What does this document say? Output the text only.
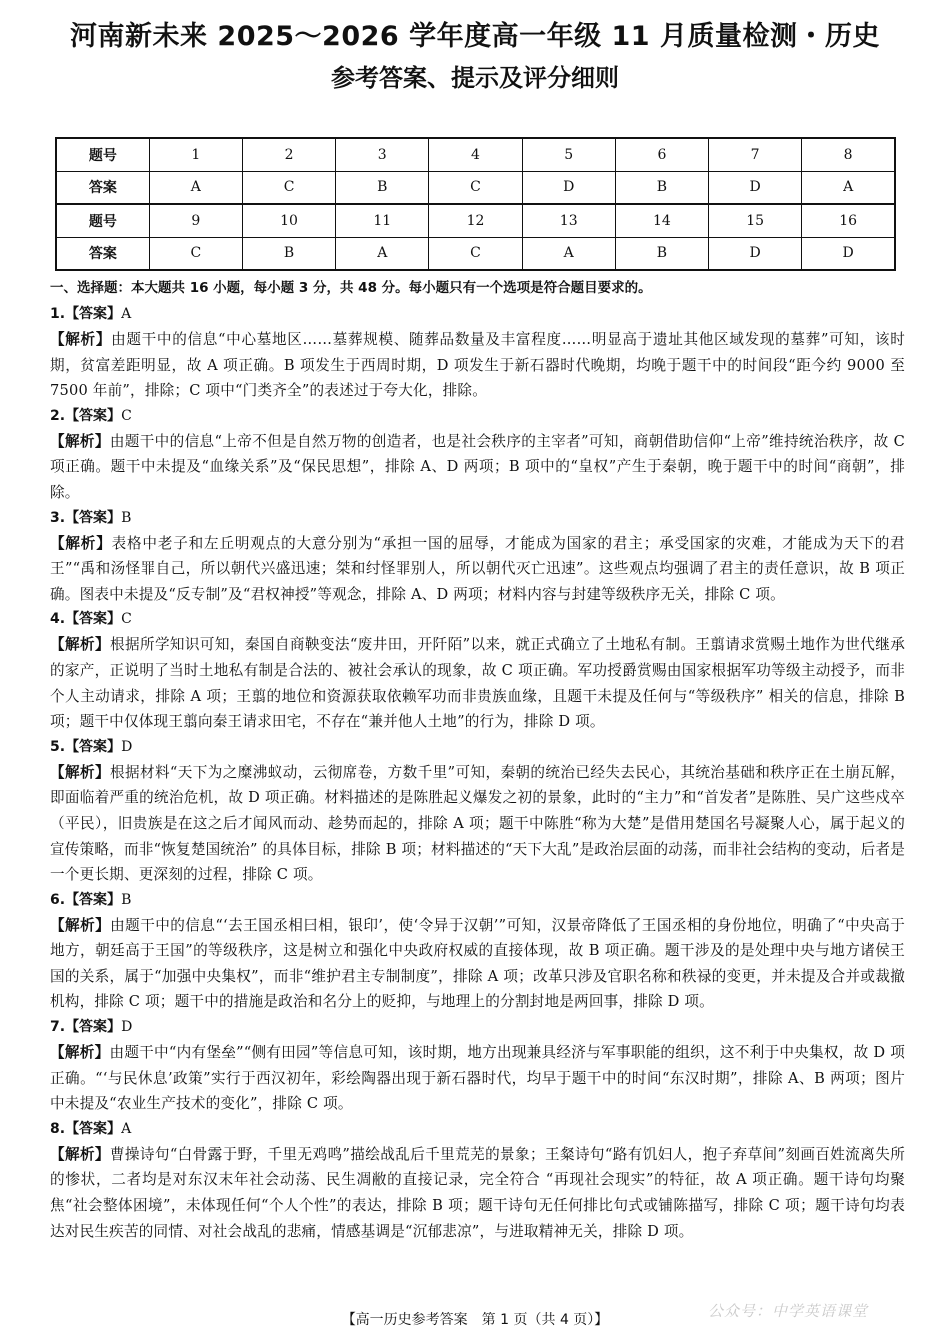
河南新未来 2025～2026 学年度高一年级 11 月质量检测・历史
参考答案、提示及评分细则
题号	1	2	3	4	5	6	7	8
答案	A	C	B	C	D	B	D	A
题号	9	10	11	12	13	14	15	16
答案	C	B	A	C	A	B	D	D
一、选择题：本大题共 16 小题，每小题 3 分，共 48 分。每小题只有一个选项是符合题目要求的。
1.【答案】A
【解析】由题干中的信息“中心墓地区……墓葬规模、随葬品数量及丰富程度……明显高于遗址其他区域发现的墓葬”可知，该时期，贫富差距明显，故 A 项正确。B 项发生于西周时期，D 项发生于新石器时代晚期，均晚于题干中的时间段“距今约 9000 至 7500 年前”，排除；C 项中“门类齐全”的表述过于夸大化，排除。
2.【答案】C
【解析】由题干中的信息“上帝不但是自然万物的创造者，也是社会秩序的主宰者”可知，商朝借助信仰“上帝”维持统治秩序，故 C 项正确。题干中未提及“血缘关系”及“保民思想”，排除 A、D 两项；B 项中的“皇权”产生于秦朝，晚于题干中的时间“商朝”，排除。
3.【答案】B
【解析】表格中老子和左丘明观点的大意分别为“承担一国的屈辱，才能成为国家的君主；承受国家的灾难，才能成为天下的君王”“禹和汤怪罪自己，所以朝代兴盛迅速；桀和纣怪罪别人，所以朝代灭亡迅速”。这些观点均强调了君主的责任意识，故 B 项正确。图表中未提及“反专制”及“君权神授”等观念，排除 A、D 两项；材料内容与封建等级秩序无关，排除 C 项。
4.【答案】C
【解析】根据所学知识可知，秦国自商鞅变法“废井田，开阡陌”以来，就正式确立了土地私有制。王翦请求赏赐土地作为世代继承的家产，正说明了当时土地私有制是合法的、被社会承认的现象，故 C 项正确。军功授爵赏赐由国家根据军功等级主动授予，而非个人主动请求，排除 A 项；王翦的地位和资源获取依赖军功而非贵族血缘，且题干未提及任何与“等级秩序” 相关的信息，排除 B 项；题干中仅体现王翦向秦王请求田宅，不存在“兼并他人土地”的行为，排除 D 项。
5.【答案】D
【解析】根据材料“天下为之糜沸蚁动，云彻席卷，方数千里”可知，秦朝的统治已经失去民心，其统治基础和秩序正在土崩瓦解，即面临着严重的统治危机，故 D 项正确。材料描述的是陈胜起义爆发之初的景象，此时的“主力”和“首发者”是陈胜、吴广这些戍卒（平民），旧贵族是在这之后才闻风而动、趁势而起的，排除 A 项；题干中陈胜“称为大楚”是借用楚国名号凝聚人心，属于起义的宣传策略，而非“恢复楚国统治” 的具体目标，排除 B 项；材料描述的“天下大乱”是政治层面的动荡，而非社会结构的变动，后者是一个更长期、更深刻的过程，排除 C 项。
6.【答案】B
【解析】由题干中的信息“‘去王国丞相曰相，银印’，使‘令异于汉朝’”可知，汉景帝降低了王国丞相的身份地位，明确了“中央高于地方，朝廷高于王国”的等级秩序，这是树立和强化中央政府权威的直接体现，故 B 项正确。题干涉及的是处理中央与地方诸侯王国的关系，属于“加强中央集权”，而非“维护君主专制制度”，排除 A 项；改革只涉及官职名称和秩禄的变更，并未提及合并或裁撤机构，排除 C 项；题干中的措施是政治和名分上的贬抑，与地理上的分割封地是两回事，排除 D 项。
7.【答案】D
【解析】由题干中“内有堡垒”“侧有田园”等信息可知，该时期，地方出现兼具经济与军事职能的组织，这不利于中央集权，故 D 项正确。“‘与民休息’政策”实行于西汉初年，彩绘陶器出现于新石器时代，均早于题干中的时间“东汉时期”，排除 A、B 两项；图片中未提及“农业生产技术的变化”，排除 C 项。
8.【答案】A
【解析】曹操诗句“白骨露于野，千里无鸡鸣”描绘战乱后千里荒芜的景象；王粲诗句“路有饥妇人，抱子弃草间”刻画百姓流离失所的惨状，二者均是对东汉末年社会动荡、民生凋敝的直接记录，完全符合 “再现社会现实”的特征，故 A 项正确。题干诗句均聚焦“社会整体困境”，未体现任何“个人个性”的表达，排除 B 项；题干诗句无任何排比句式或铺陈描写，排除 C 项；题干诗句均表达对民生疾苦的同情、对社会战乱的悲痛，情感基调是“沉郁悲凉”，与进取精神无关，排除 D 项。
【高一历史参考答案　第 1 页（共 4 页）】	公众号：中学英语课堂
